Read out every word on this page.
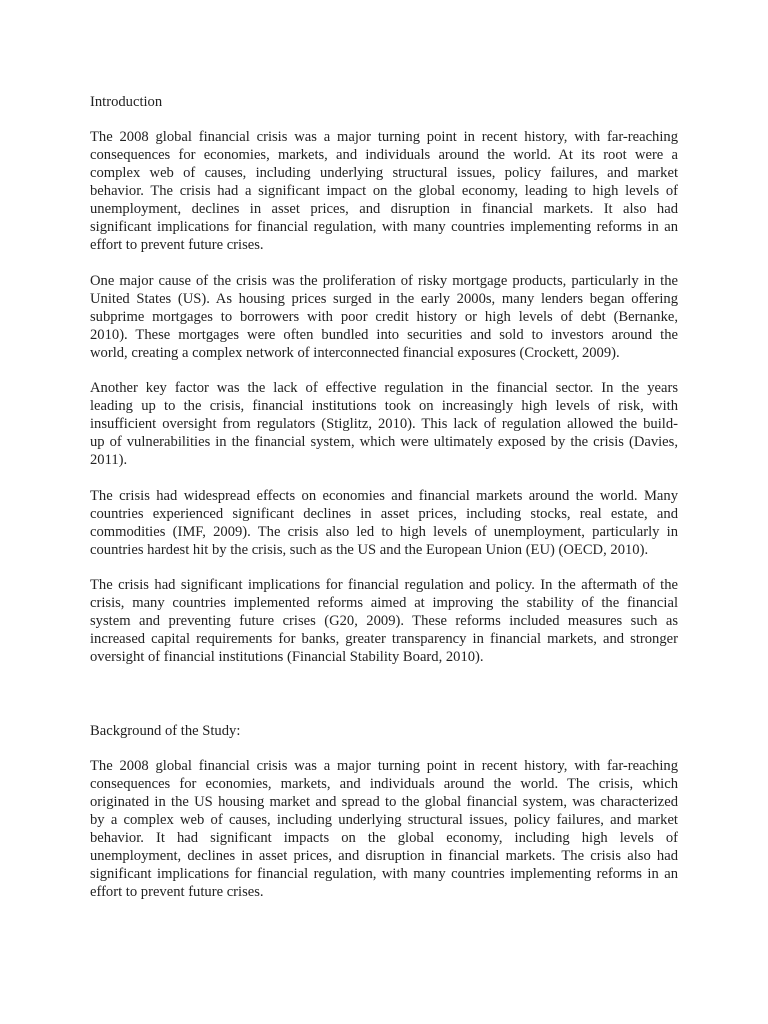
Introduction
The 2008 global financial crisis was a major turning point in recent history, with far-reaching
consequences for economies, markets, and individuals around the world. At its root were a
complex web of causes, including underlying structural issues, policy failures, and market
behavior. The crisis had a significant impact on the global economy, leading to high levels of
unemployment, declines in asset prices, and disruption in financial markets. It also had
significant implications for financial regulation, with many countries implementing reforms in an
effort to prevent future crises.
One major cause of the crisis was the proliferation of risky mortgage products, particularly in the
United States (US). As housing prices surged in the early 2000s, many lenders began offering
subprime mortgages to borrowers with poor credit history or high levels of debt (Bernanke,
2010). These mortgages were often bundled into securities and sold to investors around the
world, creating a complex network of interconnected financial exposures (Crockett, 2009).
Another key factor was the lack of effective regulation in the financial sector. In the years
leading up to the crisis, financial institutions took on increasingly high levels of risk, with
insufficient oversight from regulators (Stiglitz, 2010). This lack of regulation allowed the build-
up of vulnerabilities in the financial system, which were ultimately exposed by the crisis (Davies,
2011).
The crisis had widespread effects on economies and financial markets around the world. Many
countries experienced significant declines in asset prices, including stocks, real estate, and
commodities (IMF, 2009). The crisis also led to high levels of unemployment, particularly in
countries hardest hit by the crisis, such as the US and the European Union (EU) (OECD, 2010).
The crisis had significant implications for financial regulation and policy. In the aftermath of the
crisis, many countries implemented reforms aimed at improving the stability of the financial
system and preventing future crises (G20, 2009). These reforms included measures such as
increased capital requirements for banks, greater transparency in financial markets, and stronger
oversight of financial institutions (Financial Stability Board, 2010).
Background of the Study:
The 2008 global financial crisis was a major turning point in recent history, with far-reaching
consequences for economies, markets, and individuals around the world. The crisis, which
originated in the US housing market and spread to the global financial system, was characterized
by a complex web of causes, including underlying structural issues, policy failures, and market
behavior. It had significant impacts on the global economy, including high levels of
unemployment, declines in asset prices, and disruption in financial markets. The crisis also had
significant implications for financial regulation, with many countries implementing reforms in an
effort to prevent future crises.
